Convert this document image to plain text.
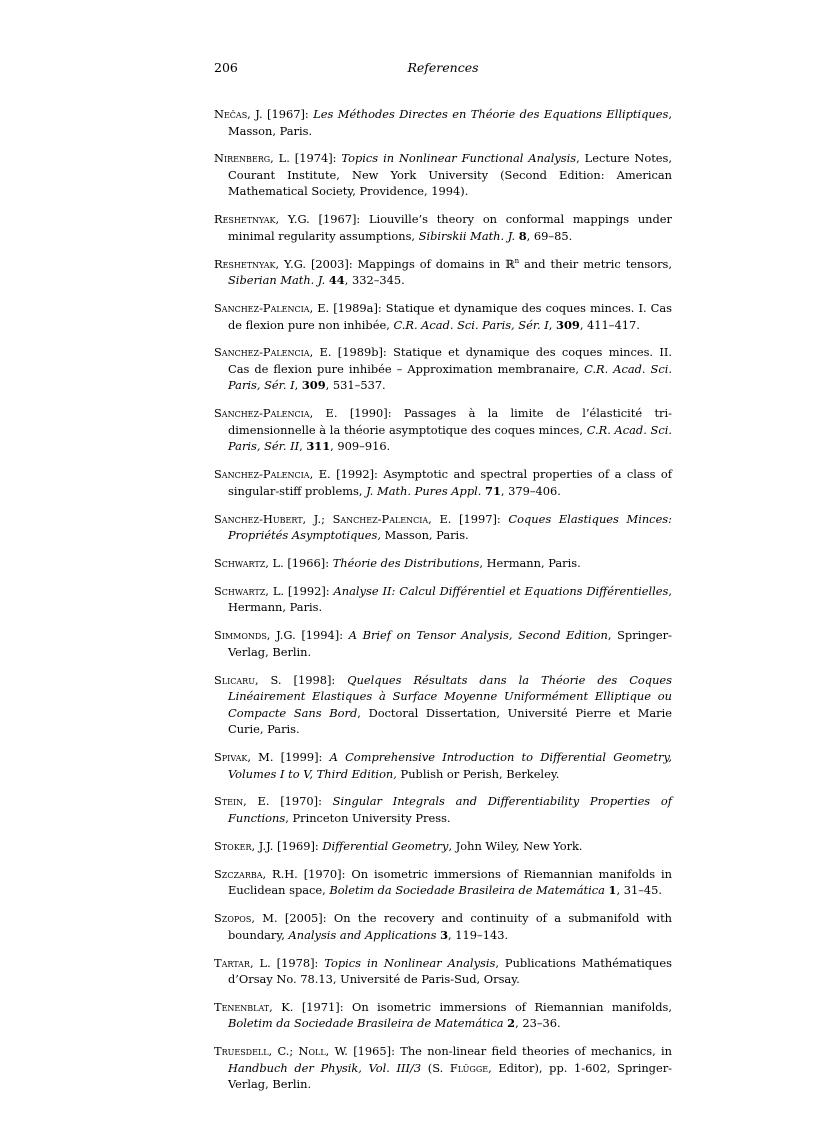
206	References

Nečas, J. [1967]: Les Méthodes Directes en Théorie des Equations Elliptiques, Masson, Paris.

Nirenberg, L. [1974]: Topics in Nonlinear Functional Analysis, Lecture Notes, Courant Institute, New York University (Second Edition: American Mathematical Society, Providence, 1994).

Reshetnyak, Y.G. [1967]: Liouville’s theory on conformal mappings under minimal regularity assumptions, Sibirskii Math. J. 8, 69–85.

Reshetnyak, Y.G. [2003]: Mappings of domains in ℝ$^n$ and their metric tensors, Siberian Math. J. 44, 332–345.

Sanchez-Palencia, E. [1989a]: Statique et dynamique des coques minces. I. Cas de flexion pure non inhibée, C.R. Acad. Sci. Paris, Sér. I, 309, 411–417.

Sanchez-Palencia, E. [1989b]: Statique et dynamique des coques minces. II. Cas de flexion pure inhibée – Approximation membranaire, C.R. Acad. Sci. Paris, Sér. I, 309, 531–537.

Sanchez-Palencia, E. [1990]: Passages à la limite de l’élasticité tri-dimensionnelle à la théorie asymptotique des coques minces, C.R. Acad. Sci. Paris, Sér. II, 311, 909–916.

Sanchez-Palencia, E. [1992]: Asymptotic and spectral properties of a class of singular-stiff problems, J. Math. Pures Appl. 71, 379–406.

Sanchez-Hubert, J.; Sanchez-Palencia, E. [1997]: Coques Elastiques Minces: Propriétés Asymptotiques, Masson, Paris.

Schwartz, L. [1966]: Théorie des Distributions, Hermann, Paris.

Schwartz, L. [1992]: Analyse II: Calcul Différentiel et Equations Différentielles, Hermann, Paris.

Simmonds, J.G. [1994]: A Brief on Tensor Analysis, Second Edition, Springer-Verlag, Berlin.

Slicaru, S. [1998]: Quelques Résultats dans la Théorie des Coques Linéairement Elastiques à Surface Moyenne Uniformément Elliptique ou Compacte Sans Bord, Doctoral Dissertation, Université Pierre et Marie Curie, Paris.

Spivak, M. [1999]: A Comprehensive Introduction to Differential Geometry, Volumes I to V, Third Edition, Publish or Perish, Berkeley.

Stein, E. [1970]: Singular Integrals and Differentiability Properties of Functions, Princeton University Press.

Stoker, J.J. [1969]: Differential Geometry, John Wiley, New York.

Szczarba, R.H. [1970]: On isometric immersions of Riemannian manifolds in Euclidean space, Boletim da Sociedade Brasileira de Matemática 1, 31–45.

Szopos, M. [2005]: On the recovery and continuity of a submanifold with boundary, Analysis and Applications 3, 119–143.

Tartar, L. [1978]: Topics in Nonlinear Analysis, Publications Mathématiques d’Orsay No. 78.13, Université de Paris-Sud, Orsay.

Tenenblat, K. [1971]: On isometric immersions of Riemannian manifolds, Boletim da Sociedade Brasileira de Matemática 2, 23–36.

Truesdell, C.; Noll, W. [1965]: The non-linear field theories of mechanics, in Handbuch der Physik, Vol. III/3 (S. Flügge, Editor), pp. 1-602, Springer-Verlag, Berlin.
